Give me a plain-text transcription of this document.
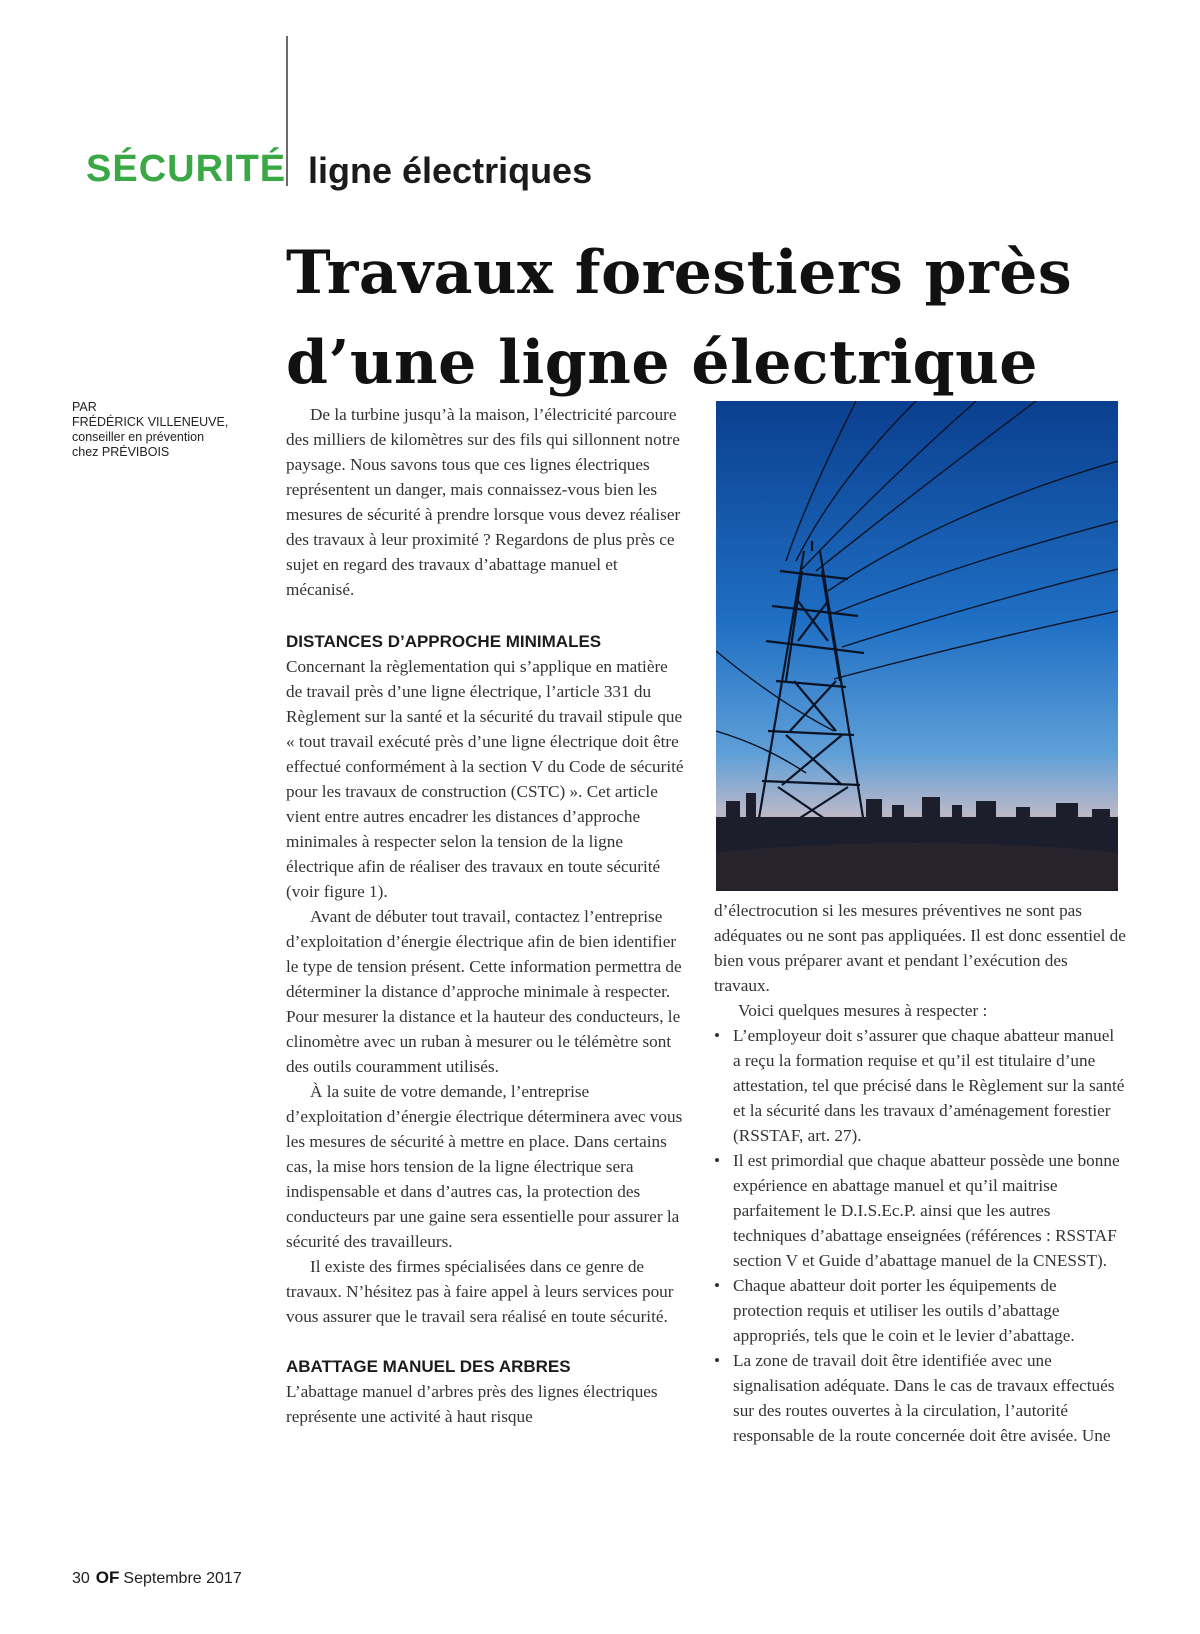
SÉCURITÉ ligne électriques
Travaux forestiers près
d’une ligne électrique
PAR
FRÉDÉRICK VILLENEUVE,
conseiller en prévention
chez PRÉVIBOIS

De la turbine jusqu’à la maison, l’électricité parcoure des milliers de kilomètres sur des fils qui sillonnent notre paysage. Nous savons tous que ces lignes électriques représentent un danger, mais connaissez-vous bien les mesures de sécurité à prendre lorsque vous devez réaliser des travaux à leur proximité ? Regardons de plus près ce sujet en regard des travaux d’abattage manuel et mécanisé.

DISTANCES D’APPROCHE MINIMALES

Concernant la règlementation qui s’applique en matière de travail près d’une ligne électrique, l’article 331 du Règlement sur la santé et la sécurité du travail stipule que « tout travail exécuté près d’une ligne électrique doit être effectué conformément à la section V du Code de sécurité pour les travaux de construction (CSTC) ». Cet article vient entre autres encadrer les distances d’approche minimales à respecter selon la tension de la ligne électrique afin de réaliser des travaux en toute sécurité (voir figure 1).

Avant de débuter tout travail, contactez l’entreprise d’exploitation d’énergie électrique afin de bien identifier le type de tension présent. Cette information permettra de déterminer la distance d’approche minimale à respecter. Pour mesurer la distance et la hauteur des conducteurs, le clinomètre avec un ruban à mesurer ou le télémètre sont des outils couramment utilisés.

À la suite de votre demande, l’entreprise d’exploitation d’énergie électrique déterminera avec vous les mesures de sécurité à mettre en place. Dans certains cas, la mise hors tension de la ligne électrique sera indispensable et dans d’autres cas, la protection des conducteurs par une gaine sera essentielle pour assurer la sécurité des travailleurs.

Il existe des firmes spécialisées dans ce genre de travaux. N’hésitez pas à faire appel à leurs services pour vous assurer que le travail sera réalisé en toute sécurité.

ABATTAGE MANUEL DES ARBRES

L’abattage manuel d’arbres près des lignes électriques représente une activité à haut risque

d’électrocution si les mesures préventives ne sont pas adéquates ou ne sont pas appliquées. Il est donc essentiel de bien vous préparer avant et pendant l’exécution des travaux.

Voici quelques mesures à respecter :

• L’employeur doit s’assurer que chaque abatteur manuel a reçu la formation requise et qu’il est titulaire d’une attestation, tel que précisé dans le Règlement sur la santé et la sécurité dans les travaux d’aménagement forestier (RSSTAF, art. 27).
• Il est primordial que chaque abatteur possède une bonne expérience en abattage manuel et qu’il maitrise parfaitement le D.I.S.Ec.P. ainsi que les autres techniques d’abattage enseignées (références : RSSTAF section V et Guide d’abattage manuel de la CNESST).
• Chaque abatteur doit porter les équipements de protection requis et utiliser les outils d’abattage appropriés, tels que le coin et le levier d’abattage.
• La zone de travail doit être identifiée avec une signalisation adéquate. Dans le cas de travaux effectués sur des routes ouvertes à la circulation, l’autorité responsable de la route concernée doit être avisée. Une
30 OF Septembre 2017
